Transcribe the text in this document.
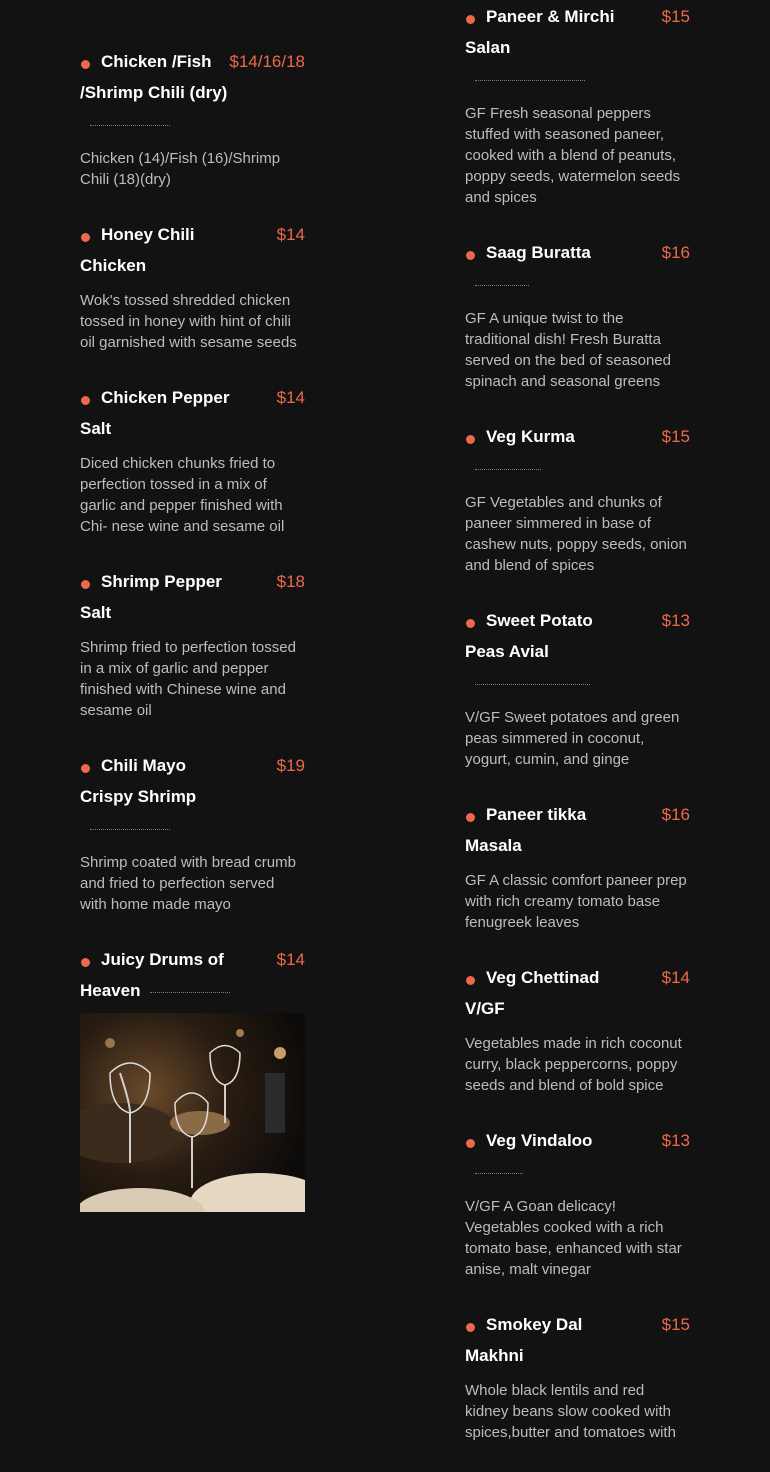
Chicken /Fish /Shrimp Chili (dry)
$14/16/18
Chicken (14)/Fish (16)/Shrimp Chili (18)(dry)
Honey Chili Chicken
$14
Wok's tossed shredded chicken tossed in honey with hint of chili oil garnished with sesame seeds
Chicken Pepper Salt
$14
Diced chicken chunks fried to perfection tossed in a mix of garlic and pepper finished with Chi- nese wine and sesame oil
Shrimp Pepper Salt
$18
Shrimp fried to perfection tossed in a mix of garlic and pepper finished with Chinese wine and sesame oil
Chili Mayo Crispy Shrimp
$19
Shrimp coated with bread crumb and fried to perfection served with home made mayo
Juicy Drums of Heaven
$14
Paneer & Mirchi Salan
$15
GF Fresh seasonal peppers stuffed with seasoned paneer, cooked with a blend of peanuts, poppy seeds, watermelon seeds and spices
Saag Buratta	$16
GF A unique twist to the traditional dish! Fresh Buratta served on the bed of seasoned spinach and seasonal greens
Veg Kurma	$15
GF Vegetables and chunks of paneer simmered in base of cashew nuts, poppy seeds, onion and blend of spices
Sweet Potato Peas Avial
$13
V/GF Sweet potatoes and green peas simmered in coconut, yogurt, cumin, and ginge
Paneer tikka Masala
$16
GF A classic comfort paneer prep with rich creamy tomato base fenugreek leaves
Veg Chettinad V/GF
$14
Vegetables made in rich coconut curry, black peppercorns, poppy seeds and blend of bold spice
Veg Vindaloo	$13
V/GF A Goan delicacy! Vegetables cooked with a rich tomato base, enhanced with star anise, malt vinegar
Smokey Dal Makhni
$15
Whole black lentils and red kidney beans slow cooked with spices,butter and tomatoes with
